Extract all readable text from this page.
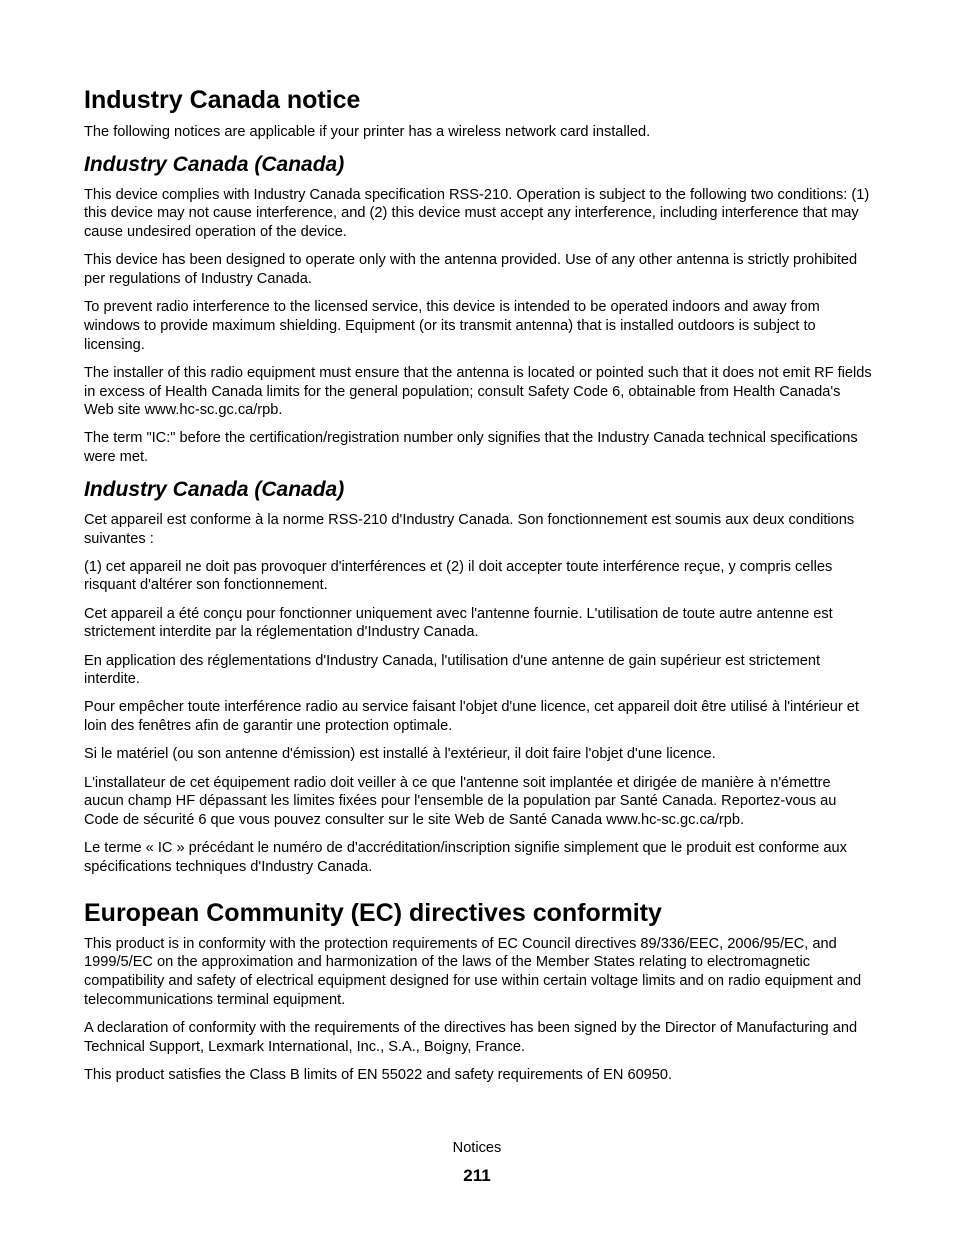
Industry Canada notice

The following notices are applicable if your printer has a wireless network card installed.

Industry Canada (Canada)

This device complies with Industry Canada specification RSS-210. Operation is subject to the following two conditions: (1) this device may not cause interference, and (2) this device must accept any interference, including interference that may cause undesired operation of the device.

This device has been designed to operate only with the antenna provided. Use of any other antenna is strictly prohibited per regulations of Industry Canada.

To prevent radio interference to the licensed service, this device is intended to be operated indoors and away from windows to provide maximum shielding. Equipment (or its transmit antenna) that is installed outdoors is subject to licensing.

The installer of this radio equipment must ensure that the antenna is located or pointed such that it does not emit RF fields in excess of Health Canada limits for the general population; consult Safety Code 6, obtainable from Health Canada's Web site www.hc-sc.gc.ca/rpb.

The term "IC:" before the certification/registration number only signifies that the Industry Canada technical specifications were met.

Industry Canada (Canada)

Cet appareil est conforme à la norme RSS-210 d'Industry Canada. Son fonctionnement est soumis aux deux conditions suivantes :

(1) cet appareil ne doit pas provoquer d'interférences et (2) il doit accepter toute interférence reçue, y compris celles risquant d'altérer son fonctionnement.

Cet appareil a été conçu pour fonctionner uniquement avec l'antenne fournie. L'utilisation de toute autre antenne est strictement interdite par la réglementation d'Industry Canada.

En application des réglementations d'Industry Canada, l'utilisation d'une antenne de gain supérieur est strictement interdite.

Pour empêcher toute interférence radio au service faisant l'objet d'une licence, cet appareil doit être utilisé à l'intérieur et loin des fenêtres afin de garantir une protection optimale.

Si le matériel (ou son antenne d'émission) est installé à l'extérieur, il doit faire l'objet d'une licence.

L'installateur de cet équipement radio doit veiller à ce que l'antenne soit implantée et dirigée de manière à n'émettre aucun champ HF dépassant les limites fixées pour l'ensemble de la population par Santé Canada. Reportez-vous au Code de sécurité 6 que vous pouvez consulter sur le site Web de Santé Canada www.hc-sc.gc.ca/rpb.

Le terme « IC » précédant le numéro de d'accréditation/inscription signifie simplement que le produit est conforme aux spécifications techniques d'Industry Canada.

European Community (EC) directives conformity

This product is in conformity with the protection requirements of EC Council directives 89/336/EEC, 2006/95/EC, and 1999/5/EC on the approximation and harmonization of the laws of the Member States relating to electromagnetic compatibility and safety of electrical equipment designed for use within certain voltage limits and on radio equipment and telecommunications terminal equipment.

A declaration of conformity with the requirements of the directives has been signed by the Director of Manufacturing and Technical Support, Lexmark International, Inc., S.A., Boigny, France.

This product satisfies the Class B limits of EN 55022 and safety requirements of EN 60950.

Notices
211
